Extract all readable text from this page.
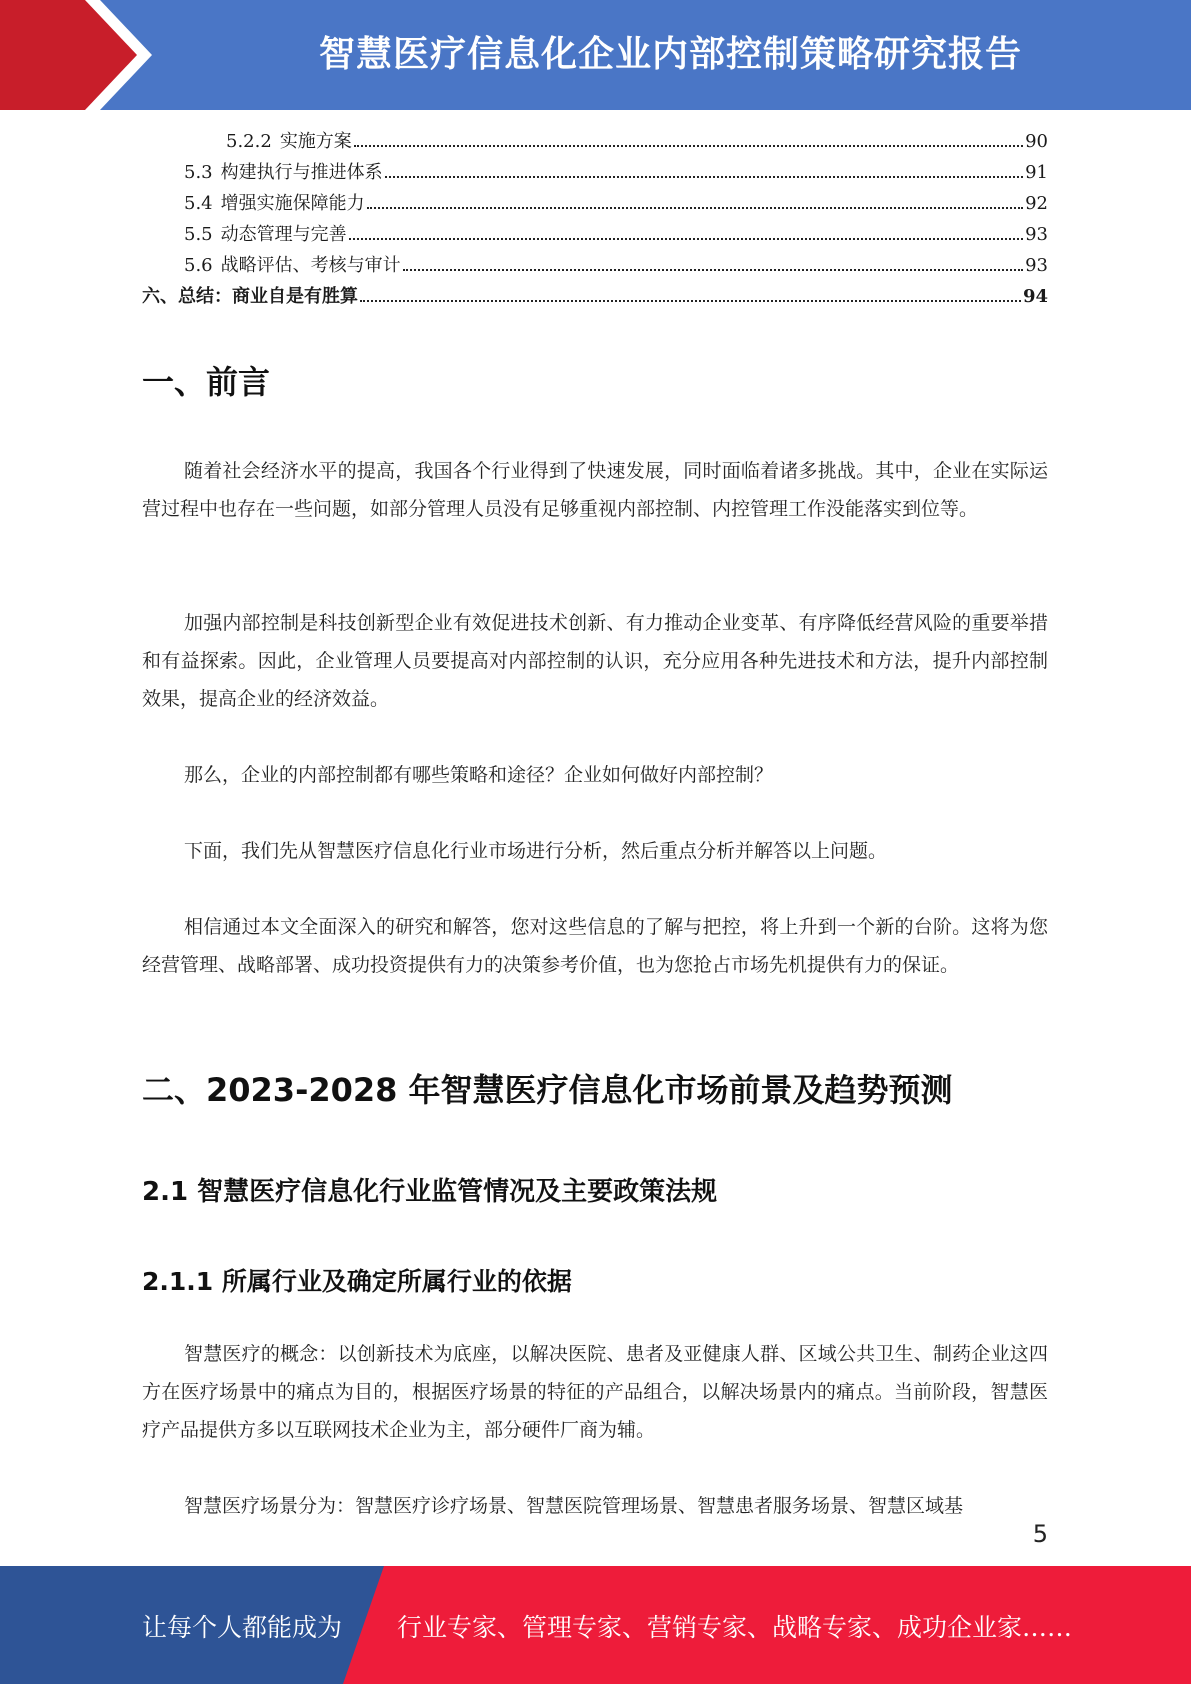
智慧医疗信息化企业内部控制策略研究报告
5.2.2 实施方案	90
5.3 构建执行与推进体系	91
5.4 增强实施保障能力	92
5.5 动态管理与完善	93
5.6 战略评估、考核与审计	93
六、总结：商业自是有胜算	94
一、前言

随着社会经济水平的提高，我国各个行业得到了快速发展，同时面临着诸多挑战。其中，企业在实际运营过程中也存在一些问题，如部分管理人员没有足够重视内部控制、内控管理工作没能落实到位等。

加强内部控制是科技创新型企业有效促进技术创新、有力推动企业变革、有序降低经营风险的重要举措和有益探索。因此，企业管理人员要提高对内部控制的认识，充分应用各种先进技术和方法，提升内部控制效果，提高企业的经济效益。

那么，企业的内部控制都有哪些策略和途径？企业如何做好内部控制？

下面，我们先从智慧医疗信息化行业市场进行分析，然后重点分析并解答以上问题。

相信通过本文全面深入的研究和解答，您对这些信息的了解与把控，将上升到一个新的台阶。这将为您经营管理、战略部署、成功投资提供有力的决策参考价值，也为您抢占市场先机提供有力的保证。

二、2023-2028 年智慧医疗信息化市场前景及趋势预测
2.1 智慧医疗信息化行业监管情况及主要政策法规
2.1.1 所属行业及确定所属行业的依据

智慧医疗的概念：以创新技术为底座，以解决医院、患者及亚健康人群、区域公共卫生、制药企业这四方在医疗场景中的痛点为目的，根据医疗场景的特征的产品组合，以解决场景内的痛点。当前阶段，智慧医疗产品提供方多以互联网技术企业为主，部分硬件厂商为辅。

智慧医疗场景分为：智慧医疗诊疗场景、智慧医院管理场景、智慧患者服务场景、智慧区域基

5
让每个人都能成为 行业专家、管理专家、营销专家、战略专家、成功企业家……
